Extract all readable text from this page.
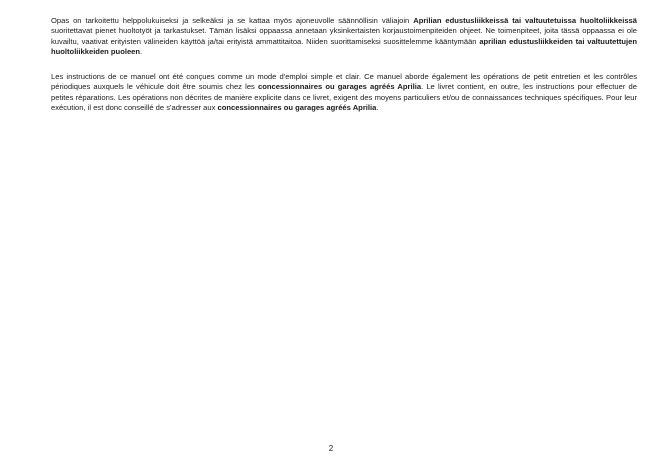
Opas on tarkoitettu helppolukuiseksi ja selkeäksi ja se kattaa myös ajoneuvolle säännöllisin väliajoin Aprilian edustusliikkeissä tai valtuutetuissa huoltoliikkeissä suoritettavat pienet huoltotyöt ja tarkastukset. Tämän lisäksi oppaassa annetaan yksinkertaisten korjaustoimenpiteiden ohjeet. Ne toimenpiteet, joita tässä oppaassa ei ole kuvailtu, vaativat erityisten välineiden käyttöä ja/tai erityistä ammattitaitoa. Niiden suorittamiseksi suosittelemme kääntymään aprilian edustusliikkeiden tai valtuutettujen huoltoliikkeiden puoleen.

Les instructions de ce manuel ont été conçues comme un mode d'emploi simple et clair. Ce manuel aborde également les opérations de petit entretien et les contrôles périodiques auxquels le véhicule doit être soumis chez les concessionnaires ou garages agréés Aprilia. Le livret contient, en outre, les instructions pour effectuer de petites réparations. Les opérations non décrites de manière explicite dans ce livret, exigent des moyens particuliers et/ou de connaissances techniques spécifiques. Pour leur exécution, il est donc conseillé de s'adresser aux concessionnaires ou garages agréés Aprilia.

2
